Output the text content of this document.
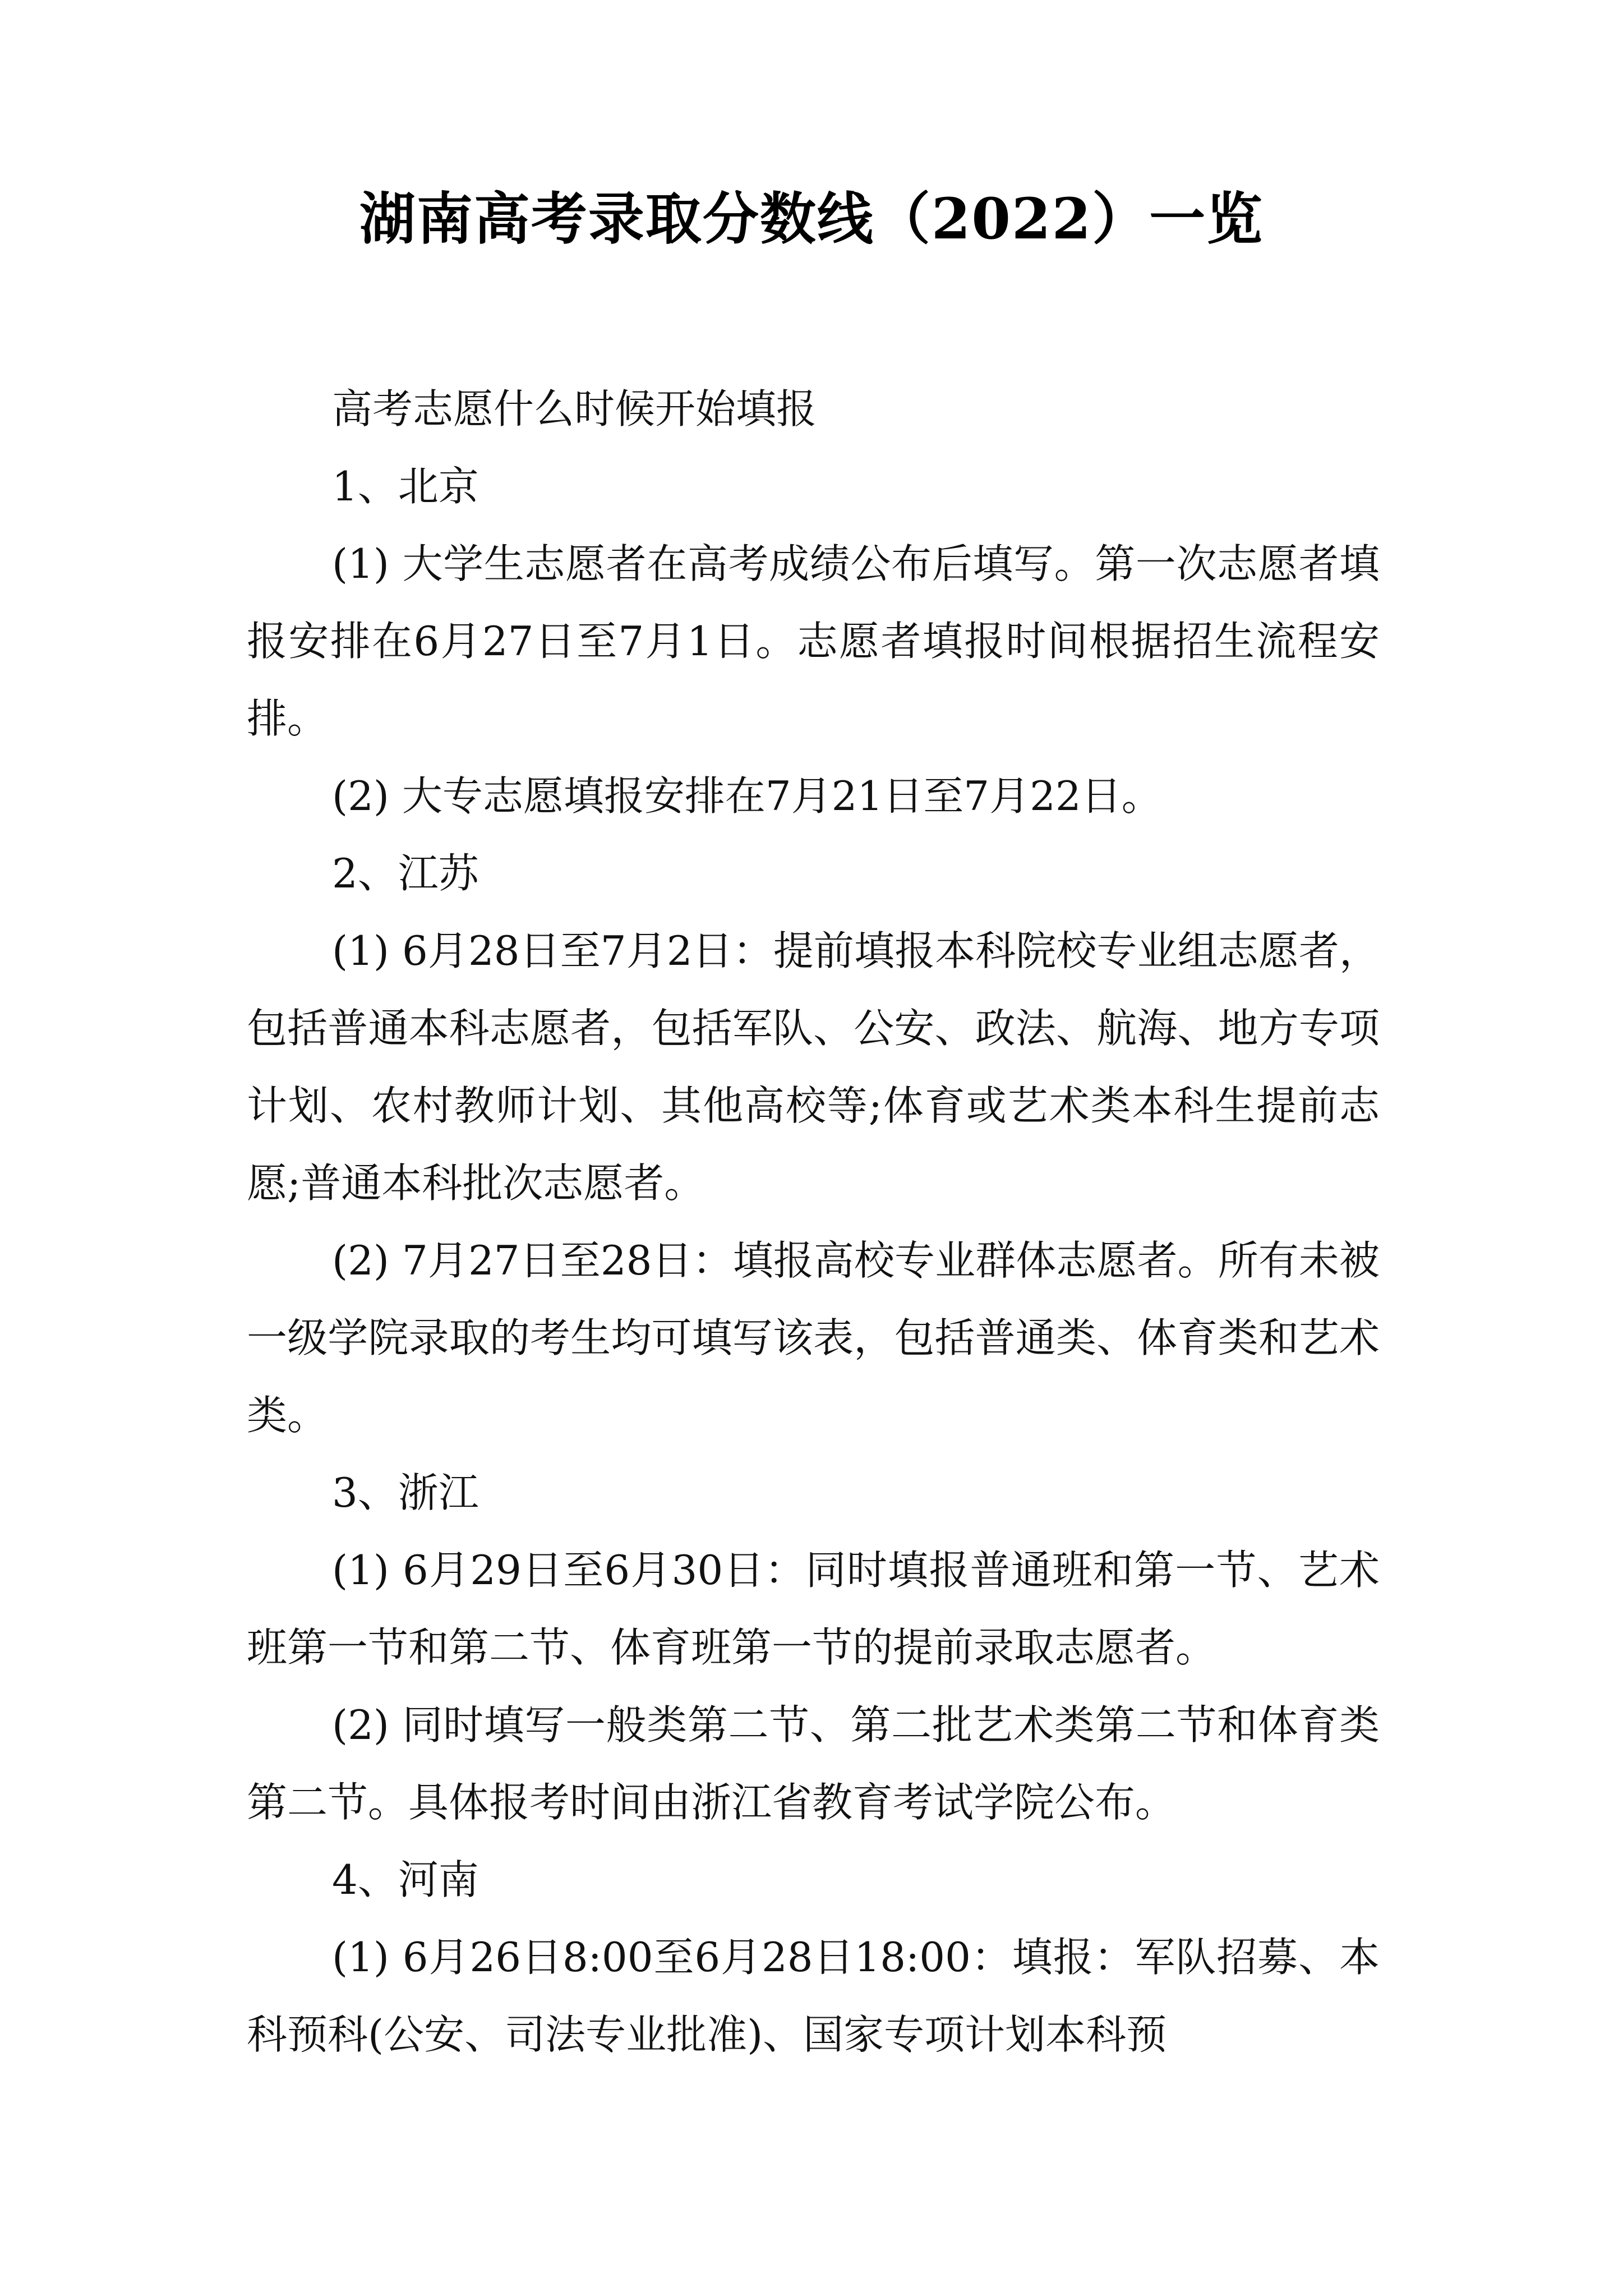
湖南高考录取分数线（2022）一览

高考志愿什么时候开始填报

1、北京

(1) 大学生志愿者在高考成绩公布后填写。第一次志愿者填报安排在6月27日至7月1日。志愿者填报时间根据招生流程安排。

(2) 大专志愿填报安排在7月21日至7月22日。

2、江苏

(1) 6月28日至7月2日：提前填报本科院校专业组志愿者，包括普通本科志愿者，包括军队、公安、政法、航海、地方专项计划、农村教师计划、其他高校等;体育或艺术类本科生提前志愿;普通本科批次志愿者。

(2) 7月27日至28日：填报高校专业群体志愿者。所有未被一级学院录取的考生均可填写该表，包括普通类、体育类和艺术类。

3、浙江

(1) 6月29日至6月30日：同时填报普通班和第一节、艺术班第一节和第二节、体育班第一节的提前录取志愿者。

(2) 同时填写一般类第二节、第二批艺术类第二节和体育类第二节。具体报考时间由浙江省教育考试学院公布。

4、河南

(1) 6月26日8:00至6月28日18:00：填报：军队招募、本科预科(公安、司法专业批准)、国家专项计划本科预
